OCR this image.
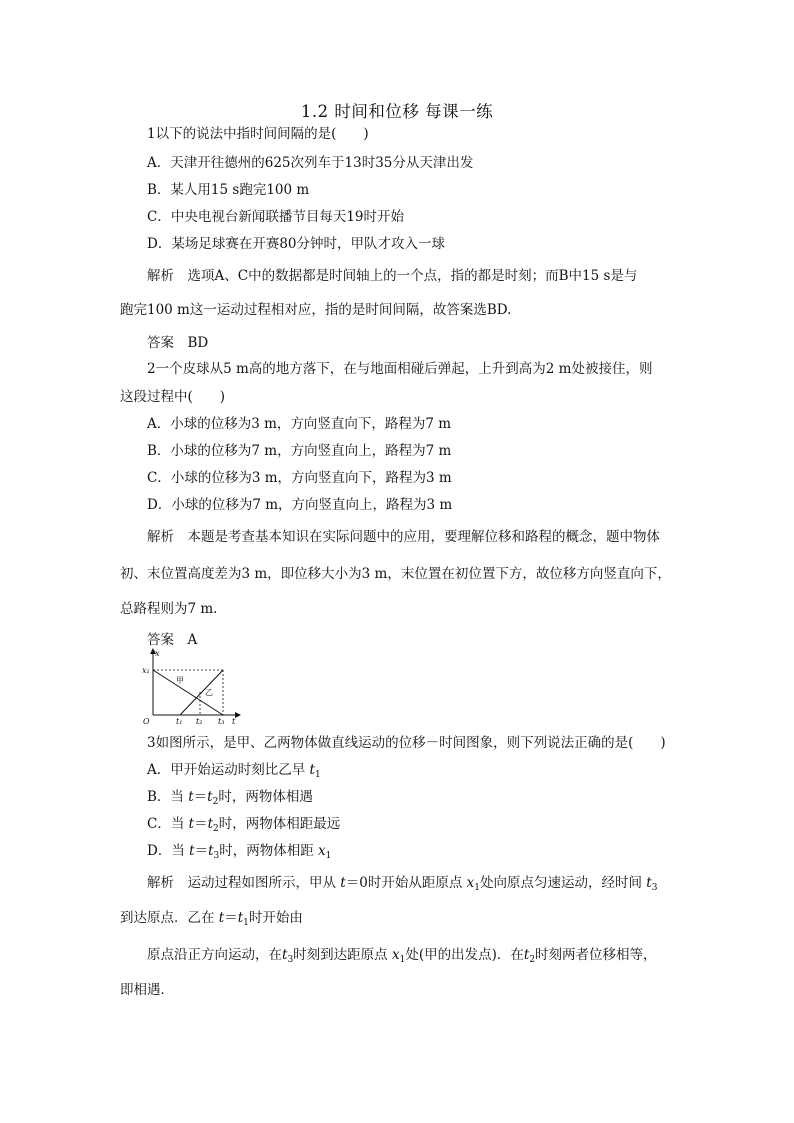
1.2 时间和位移 每课一练
1以下的说法中指时间间隔的是(　　)
A．天津开往德州的625次列车于13时35分从天津出发
B．某人用15 s跑完100 m
C．中央电视台新闻联播节目每天19时开始
D．某场足球赛在开赛80分钟时，甲队才攻入一球
解析　选项A、C中的数据都是时间轴上的一个点，指的都是时刻；而B中15 s是与
跑完100 m这一运动过程相对应，指的是时间间隔，故答案选BD.
答案　BD
2一个皮球从5 m高的地方落下，在与地面相碰后弹起，上升到高为2 m处被接住，则
这段过程中(　　)
A．小球的位移为3 m，方向竖直向下，路程为7 m
B．小球的位移为7 m，方向竖直向上，路程为7 m
C．小球的位移为3 m，方向竖直向下，路程为3 m
D．小球的位移为7 m，方向竖直向上，路程为3 m
解析　本题是考查基本知识在实际问题中的应用，要理解位移和路程的概念，题中物体
初、末位置高度差为3 m，即位移大小为3 m，末位置在初位置下方，故位移方向竖直向下，
总路程则为7 m.
答案　A
x
t
O
x₁
甲
乙
t₁ t₂ t₃
3如图所示，是甲、乙两物体做直线运动的位移－时间图象，则下列说法正确的是(　　)
A．甲开始运动时刻比乙早 $t_1$
B．当 $t=t_2$时，两物体相遇
C．当 $t=t_2$时，两物体相距最远
D．当 $t=t_3$时，两物体相距 $x_1$
解析　运动过程如图所示，甲从 t＝0时开始从距原点 $x_1$处向原点匀速运动，经时间 $t_3$
到达原点．乙在 $t=t_1$时开始由
原点沿正方向运动，在$t_3$时刻到达距原点 $x_1$处(甲的出发点)．在$t_2$时刻两者位移相等，
即相遇．
